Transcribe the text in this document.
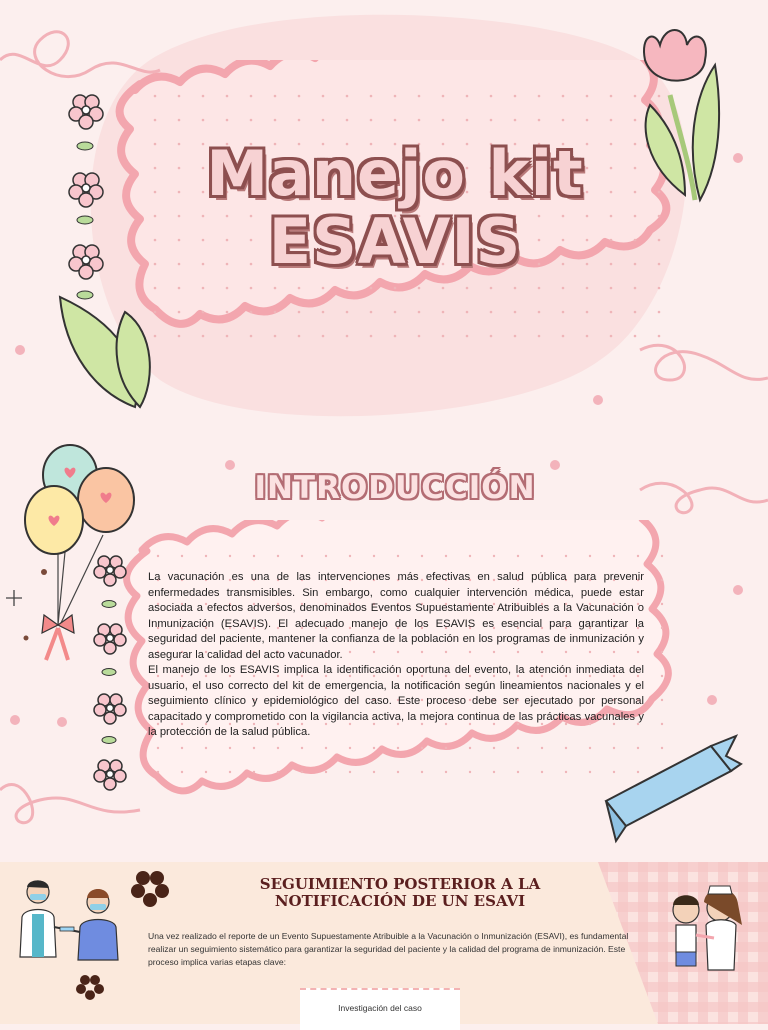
Manejo kit
ESAVIS
INTRODUCCIÓN

La vacunación es una de las intervenciones más efectivas en salud pública para prevenir enfermedades transmisibles. Sin embargo, como cualquier intervención médica, puede estar asociada a efectos adversos, denominados Eventos Supuestamente Atribuibles a la Vacunación o Inmunización (ESAVIS). El adecuado manejo de los ESAVIS es esencial para garantizar la seguridad del paciente, mantener la confianza de la población en los programas de inmunización y asegurar la calidad del acto vacunador.

El manejo de los ESAVIS implica la identificación oportuna del evento, la atención inmediata del usuario, el uso correcto del kit de emergencia, la notificación según lineamientos nacionales y el seguimiento clínico y epidemiológico del caso. Este proceso debe ser ejecutado por personal capacitado y comprometido con la vigilancia activa, la mejora continua de las prácticas vacunales y la protección de la salud pública.

SEGUIMIENTO POSTERIOR A LA
NOTIFICACIÓN DE UN ESAVI
Una vez realizado el reporte de un Evento Supuestamente Atribuible a la Vacunación o Inmunización (ESAVI), es fundamental realizar un seguimiento sistemático para garantizar la seguridad del paciente y la calidad del programa de inmunización. Este proceso implica varias etapas clave:
Investigación del caso
